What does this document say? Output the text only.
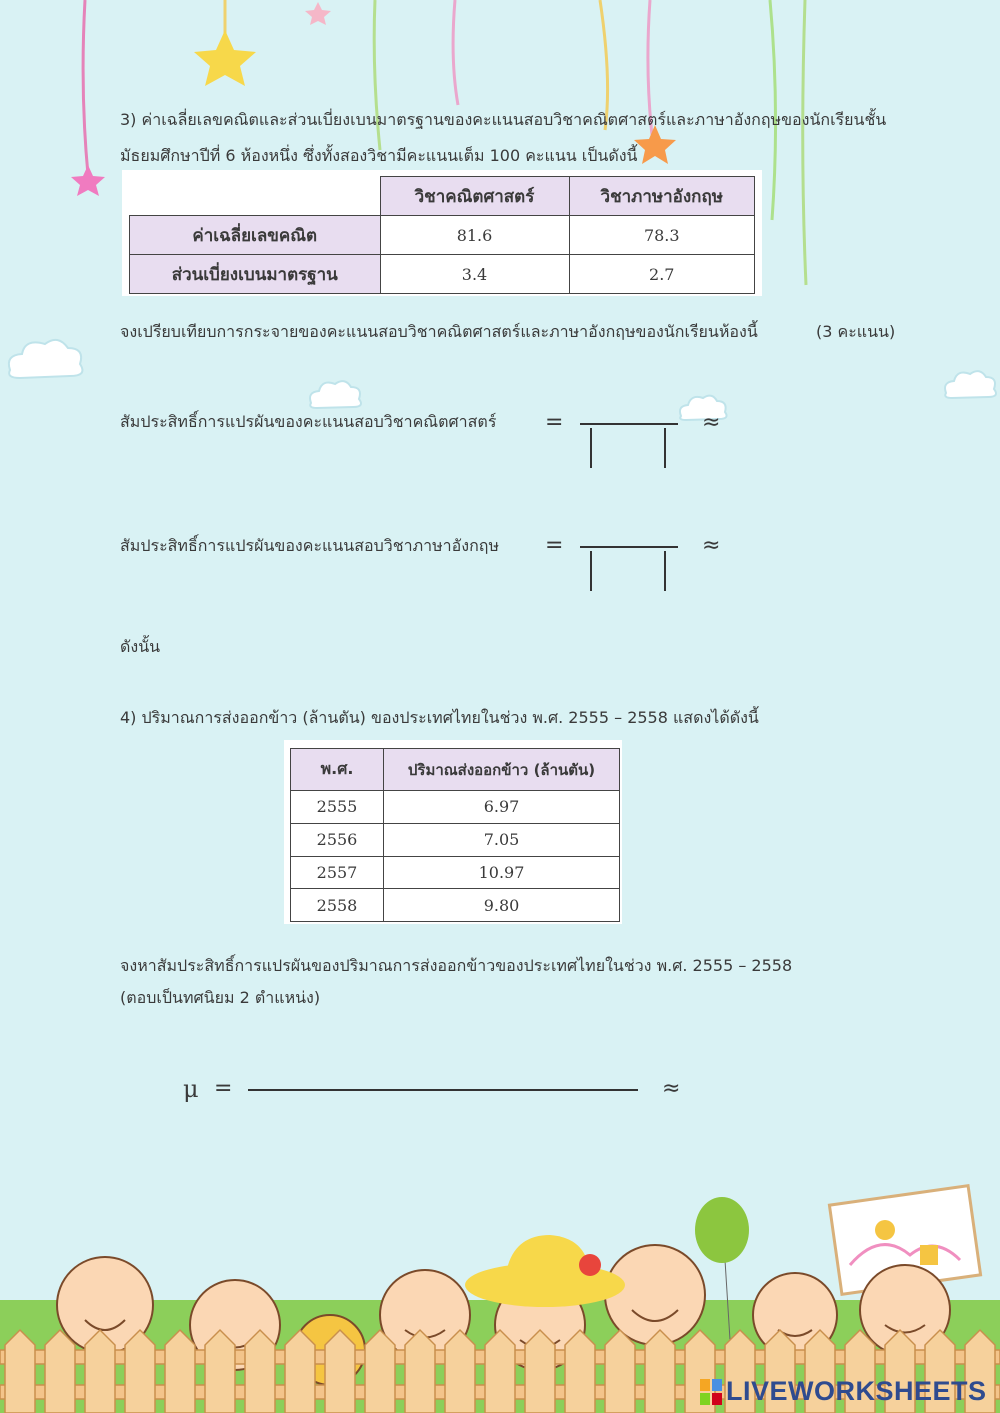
3) ค่าเฉลี่ยเลขคณิตและส่วนเบี่ยงเบนมาตรฐานของคะแนนสอบวิชาคณิตศาสตร์และภาษาอังกฤษของนักเรียนชั้น
มัธยมศึกษาปีที่ 6 ห้องหนึ่ง ซึ่งทั้งสองวิชามีคะแนนเต็ม 100 คะแนน เป็นดังนี้
	วิชาคณิตศาสตร์	วิชาภาษาอังกฤษ
ค่าเฉลี่ยเลขคณิต	81.6	78.3
ส่วนเบี่ยงเบนมาตรฐาน	3.4	2.7
จงเปรียบเทียบการกระจายของคะแนนสอบวิชาคณิตศาสตร์และภาษาอังกฤษของนักเรียนห้องนี้	(3 คะแนน)
สัมประสิทธิ์การแปรผันของคะแนนสอบวิชาคณิตศาสตร์ =	≈
สัมประสิทธิ์การแปรผันของคะแนนสอบวิชาภาษาอังกฤษ =	≈
ดังนั้น
4) ปริมาณการส่งออกข้าว (ล้านตัน) ของประเทศไทยในช่วง พ.ศ. 2555 – 2558 แสดงได้ดังนี้
พ.ศ.	ปริมาณส่งออกข้าว (ล้านตัน)
2555	6.97
2556	7.05
2557	10.97
2558	9.80
จงหาสัมประสิทธิ์การแปรผันของปริมาณการส่งออกข้าวของประเทศไทยในช่วง พ.ศ. 2555 – 2558
(ตอบเป็นทศนิยม 2 ตำแหน่ง)
μ =	≈
LIVEWORKSHEETS
